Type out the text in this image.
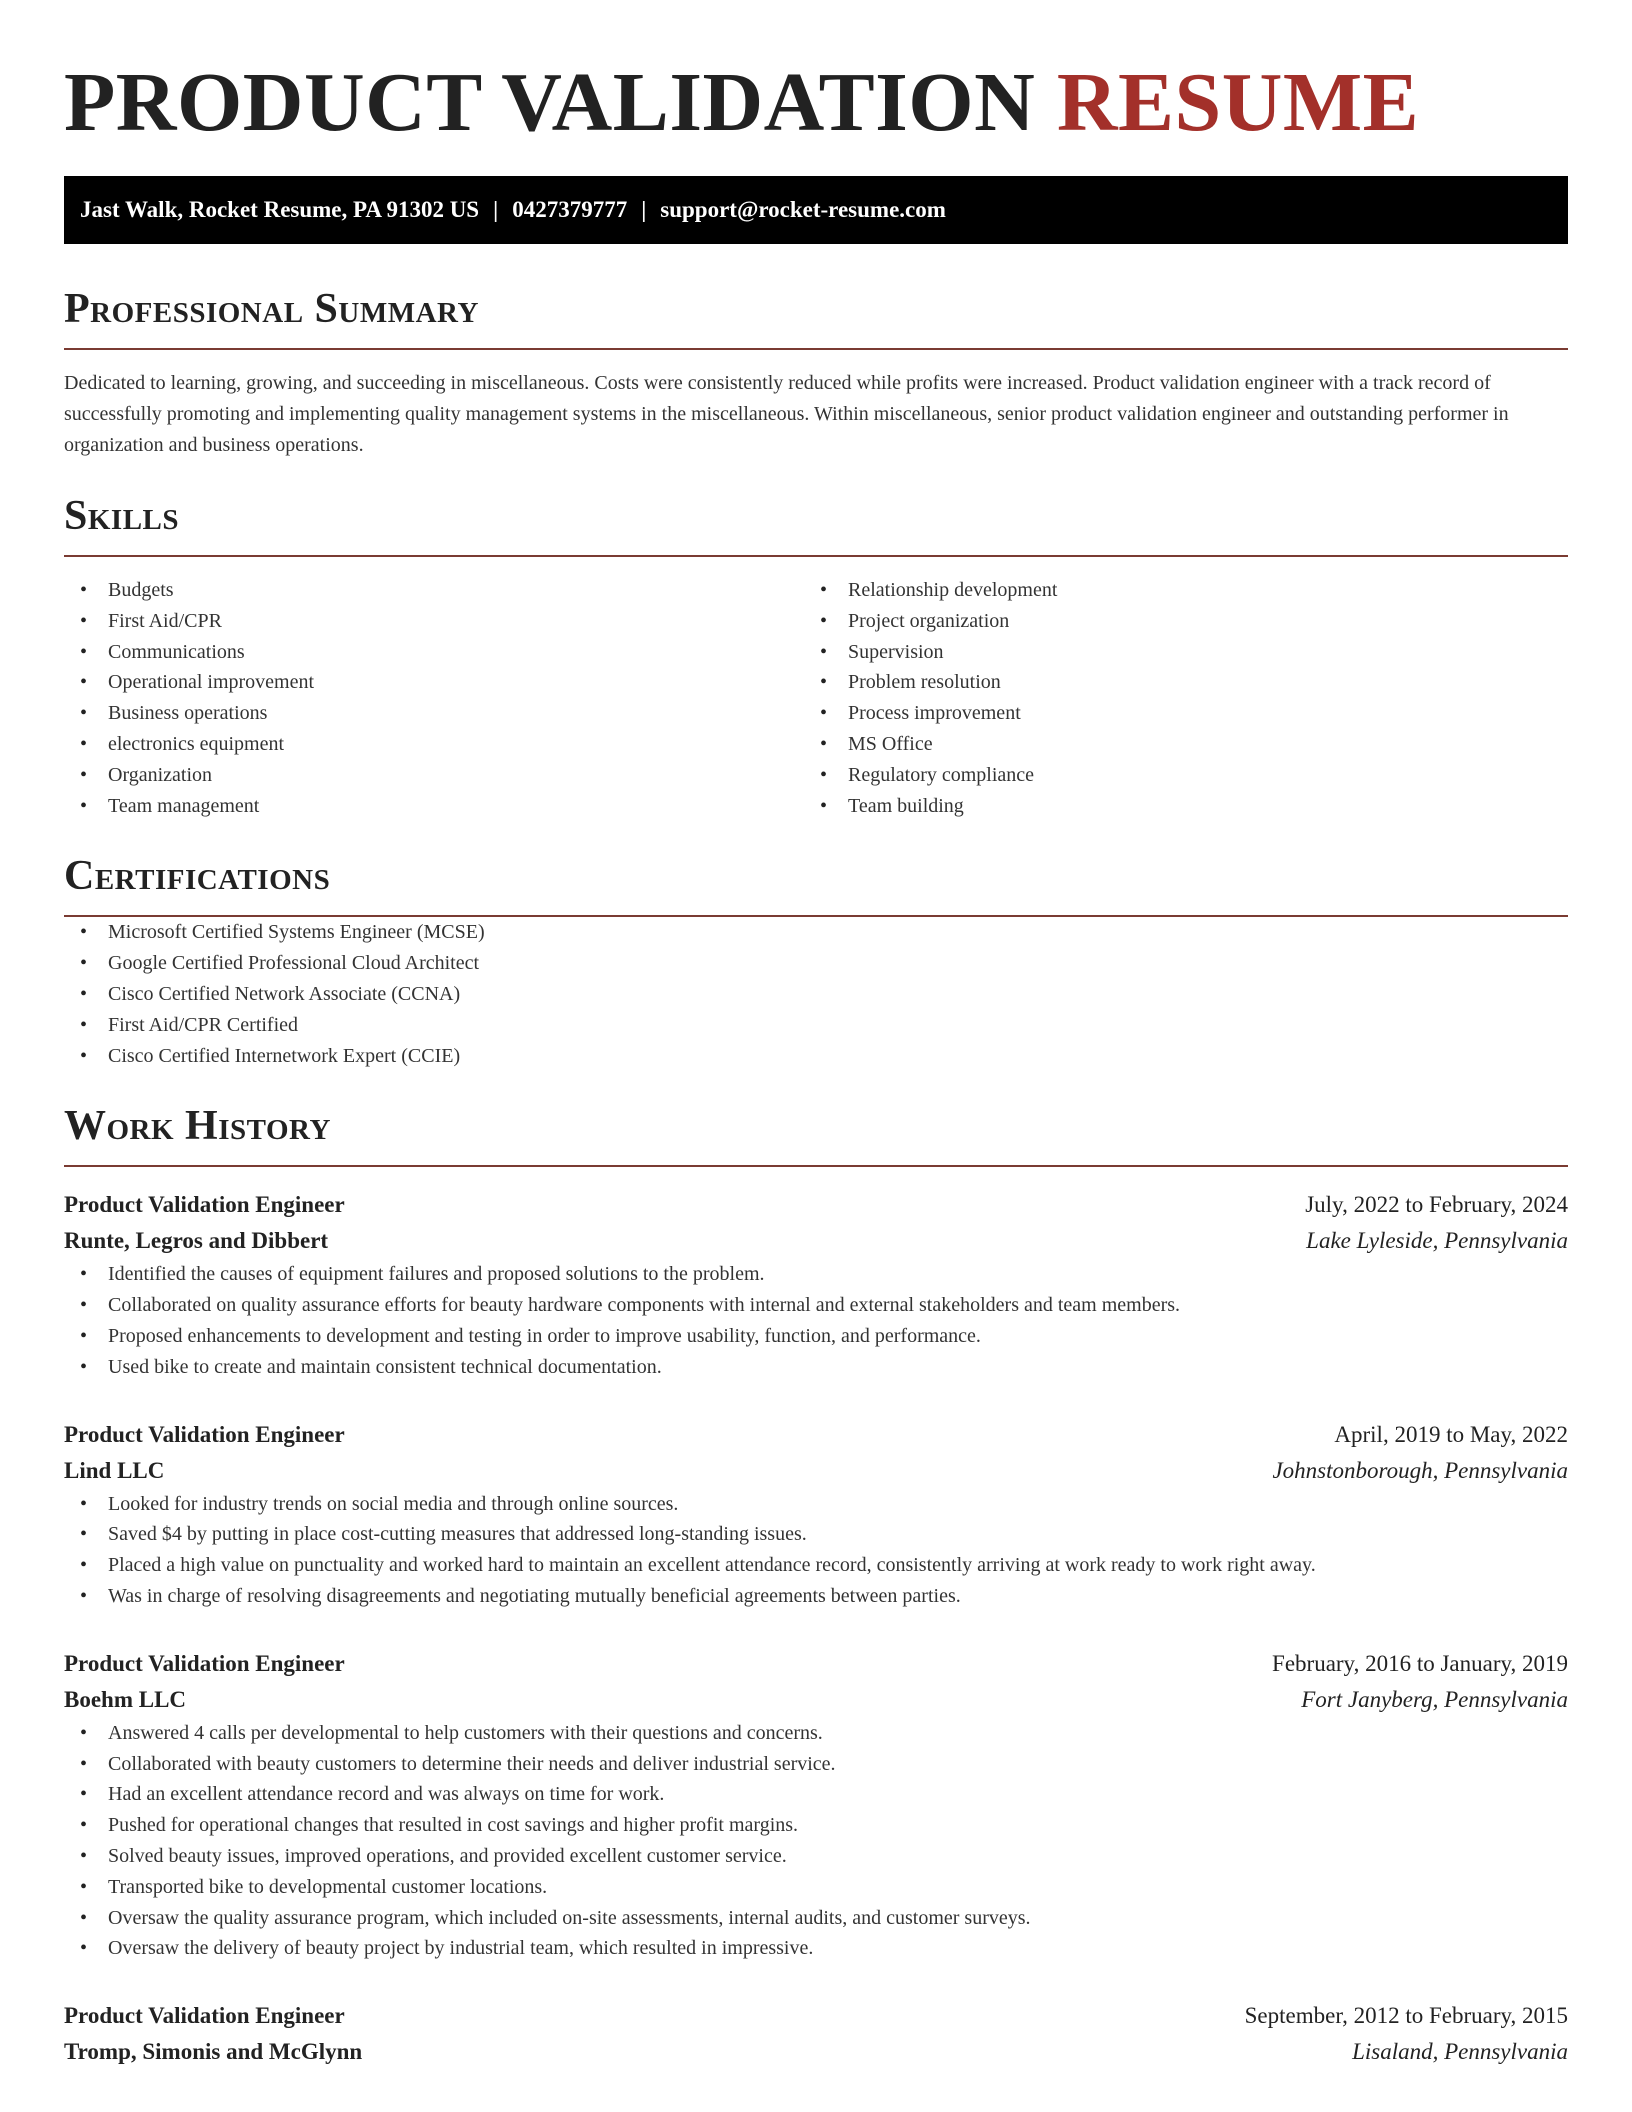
PRODUCT VALIDATION RESUME
Jast Walk, Rocket Resume, PA 91302 US | 0427379777 | support@rocket-resume.com
Professional Summary

Dedicated to learning, growing, and succeeding in miscellaneous. Costs were consistently reduced while profits were increased. Product validation engineer with a track record of successfully promoting and implementing quality management systems in the miscellaneous. Within miscellaneous, senior product validation engineer and outstanding performer in organization and business operations.

Skills
• Budgets
• First Aid/CPR
• Communications
• Operational improvement
• Business operations
• electronics equipment
• Organization
• Team management
• Relationship development
• Project organization
• Supervision
• Problem resolution
• Process improvement
• MS Office
• Regulatory compliance
• Team building
Certifications
• Microsoft Certified Systems Engineer (MCSE)
• Google Certified Professional Cloud Architect
• Cisco Certified Network Associate (CCNA)
• First Aid/CPR Certified
• Cisco Certified Internetwork Expert (CCIE)
Work History
Product Validation Engineer	July, 2022 to February, 2024
Runte, Legros and Dibbert	Lake Lyleside, Pennsylvania
• Identified the causes of equipment failures and proposed solutions to the problem.
• Collaborated on quality assurance efforts for beauty hardware components with internal and external stakeholders and team members.
• Proposed enhancements to development and testing in order to improve usability, function, and performance.
• Used bike to create and maintain consistent technical documentation.
Product Validation Engineer	April, 2019 to May, 2022
Lind LLC	Johnstonborough, Pennsylvania
• Looked for industry trends on social media and through online sources.
• Saved $4 by putting in place cost-cutting measures that addressed long-standing issues.
• Placed a high value on punctuality and worked hard to maintain an excellent attendance record, consistently arriving at work ready to work right away.
• Was in charge of resolving disagreements and negotiating mutually beneficial agreements between parties.
Product Validation Engineer	February, 2016 to January, 2019
Boehm LLC	Fort Janyberg, Pennsylvania
• Answered 4 calls per developmental to help customers with their questions and concerns.
• Collaborated with beauty customers to determine their needs and deliver industrial service.
• Had an excellent attendance record and was always on time for work.
• Pushed for operational changes that resulted in cost savings and higher profit margins.
• Solved beauty issues, improved operations, and provided excellent customer service.
• Transported bike to developmental customer locations.
• Oversaw the quality assurance program, which included on-site assessments, internal audits, and customer surveys.
• Oversaw the delivery of beauty project by industrial team, which resulted in impressive.
Product Validation Engineer	September, 2012 to February, 2015
Tromp, Simonis and McGlynn	Lisaland, Pennsylvania
